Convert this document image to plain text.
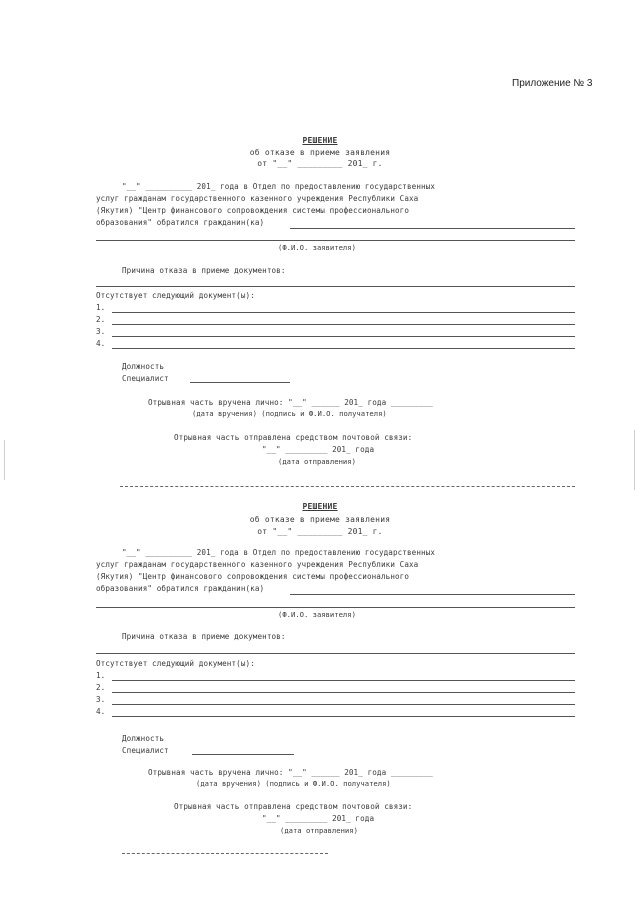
Приложение № 3
РЕШЕНИЕ
об отказе в приеме заявления
от "__" _________ 201_ г.
"__" __________ 201_ года в Отдел по предоставлению государственных
услуг гражданам государственного казенного учреждения Республики Саха
(Якутия) "Центр финансового сопровождения системы профессионального
образования" обратился гражданин(ка)
(Ф.И.О. заявителя)
Причина отказа в приеме документов:
Отсутствует следующий документ(ы):
1.
2.
3.
4.
Должность
Специалист
Отрывная часть вручена лично: "__" ______ 201_ года _________
(дата вручения) (подпись и Ф.И.О. получателя)
Отрывная часть отправлена средством почтовой связи:
"__" _________ 201_ года
(дата отправления)
РЕШЕНИЕ
об отказе в приеме заявления
от "__" _________ 201_ г.
"__" __________ 201_ года в Отдел по предоставлению государственных
услуг гражданам государственного казенного учреждения Республики Саха
(Якутия) "Центр финансового сопровождения системы профессионального
образования" обратился гражданин(ка)
(Ф.И.О. заявителя)
Причина отказа в приеме документов:
Отсутствует следующий документ(ы):
1.
2.
3.
4.
Должность
Специалист
Отрывная часть вручена лично: "__" ______ 201_ года _________
(дата вручения) (подпись и Ф.И.О. получателя)
Отрывная часть отправлена средством почтовой связи:
"__" _________ 201_ года
(дата отправления)
